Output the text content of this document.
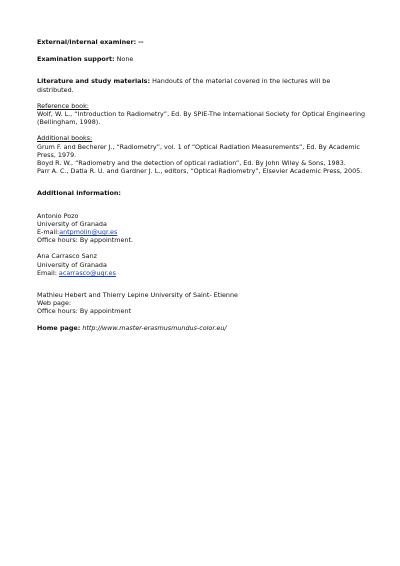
External/internal examiner: --
Examination support: None
Literature and study materials: Handouts of the material covered in the lectures will be distributed.
Reference book:
Wolf, W. L., “Introduction to Radiometry”, Ed. By SPIE-The International Society for Optical Engineering (Bellingham, 1998).
Additional books:
Grum F. and Becherer J., “Radiometry”, vol. 1 of “Optical Radiation Measurements”, Ed. By Academic Press, 1979.
Boyd R. W., “Radiometry and the detection of optical radiation”, Ed. By John Wiley & Sons, 1983.
Parr A. C., Datla R. U. and Gardner J. L., editors, “Optical Radiometry”, Elsevier Academic Press, 2005.
Additional information:
Antonio Pozo
University of Granada
E-mail:antpmolin@ugr.es
Office hours: By appointment.
Ana Carrasco Sanz
University of Granada
Email: acarrasco@ugr.es
Mathieu Hebert and Thierry Lepine University of Saint- Etienne
Web page:
Office hours: By appointment
Home page: http://www.master-erasmusmundus-color.eu/
